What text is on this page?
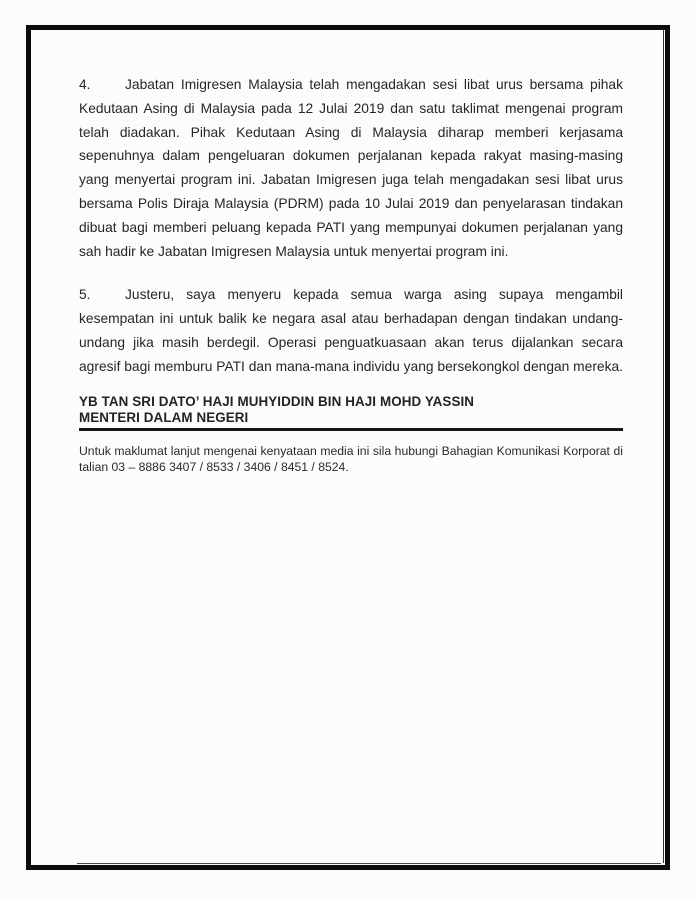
4. Jabatan Imigresen Malaysia telah mengadakan sesi libat urus bersama pihak Kedutaan Asing di Malaysia pada 12 Julai 2019 dan satu taklimat mengenai program telah diadakan. Pihak Kedutaan Asing di Malaysia diharap memberi kerjasama sepenuhnya dalam pengeluaran dokumen perjalanan kepada rakyat masing-masing yang menyertai program ini. Jabatan Imigresen juga telah mengadakan sesi libat urus bersama Polis Diraja Malaysia (PDRM) pada 10 Julai 2019 dan penyelarasan tindakan dibuat bagi memberi peluang kepada PATI yang mempunyai dokumen perjalanan yang sah hadir ke Jabatan Imigresen Malaysia untuk menyertai program ini.

5. Justeru, saya menyeru kepada semua warga asing supaya mengambil kesempatan ini untuk balik ke negara asal atau berhadapan dengan tindakan undang-undang jika masih berdegil. Operasi penguatkuasaan akan terus dijalankan secara agresif bagi memburu PATI dan mana-mana individu yang bersekongkol dengan mereka.

YB TAN SRI DATO’ HAJI MUHYIDDIN BIN HAJI MOHD YASSIN
MENTERI DALAM NEGERI

Untuk maklumat lanjut mengenai kenyataan media ini sila hubungi Bahagian Komunikasi Korporat di talian 03 – 8886 3407 / 8533 / 3406 / 8451 / 8524.
